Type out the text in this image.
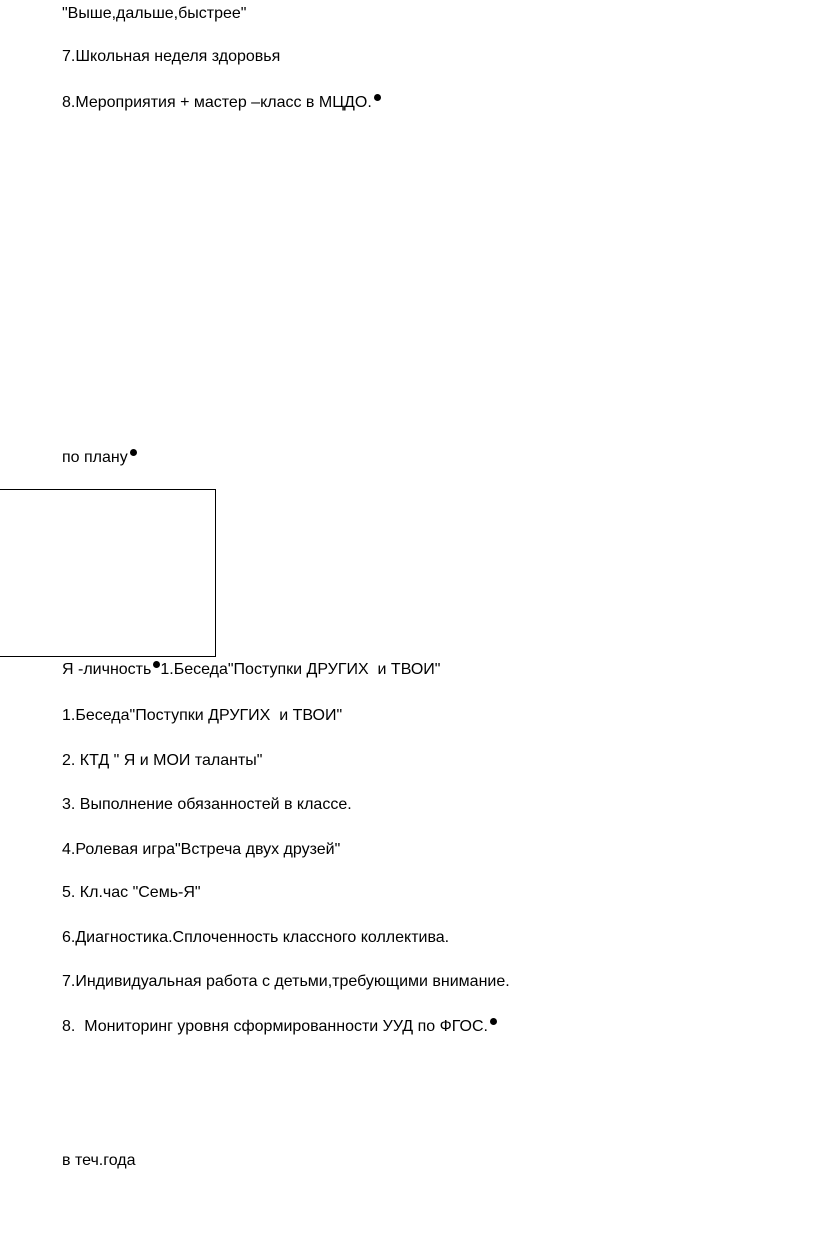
"Выше,дальше,быстрее"
7.Школьная неделя здоровья
8.Мероприятия + мастер –класс в МЦДО.
по плану
Я -личность 1.Беседа"Поступки ДРУГИХ  и ТВОИ"
1.Беседа"Поступки ДРУГИХ  и ТВОИ"
2. КТД " Я и МОИ таланты"
3. Выполнение обязанностей в классе.
4.Ролевая игра"Встреча двух друзей"
5. Кл.час "Семь-Я"
6.Диагностика.Сплоченность классного коллектива.
7.Индивидуальная работа с детьми,требующими внимание.
8.  Мониторинг уровня сформированности УУД по ФГОС.
в теч.года
